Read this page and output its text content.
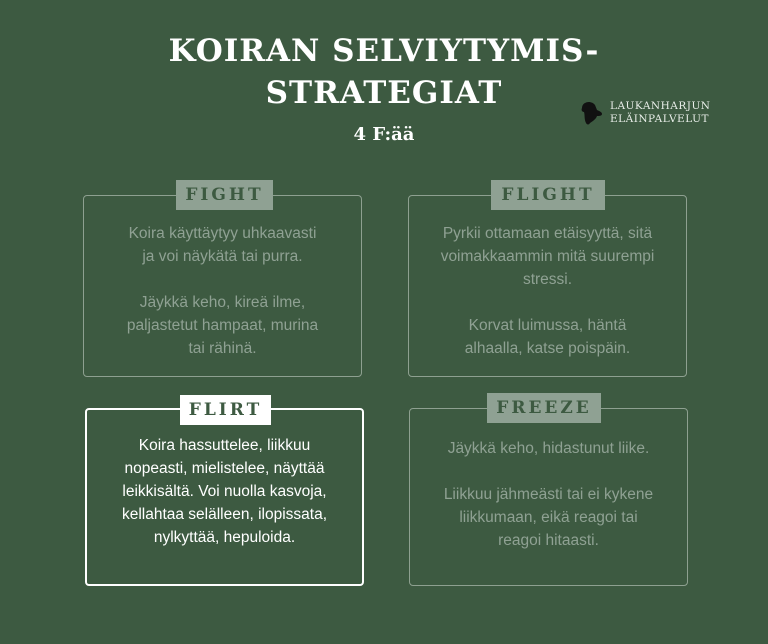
KOIRAN SELVIYTYMIS-
STRATEGIAT
4 F:ää
LAUKANHARJUN
ELÄINPALVELUT
Koira käyttäytyy uhkaavasti
ja voi näykätä tai purra.
Jäykkä keho, kireä ilme,
paljastetut hampaat, murina
tai rähinä.
FIGHT
Pyrkii ottamaan etäisyyttä, sitä
voimakkaammin mitä suurempi
stressi.
Korvat luimussa, häntä
alhaalla, katse poispäin.
FLIGHT
Koira hassuttelee, liikkuu
nopeasti, mielistelee, näyttää
leikkisältä. Voi nuolla kasvoja,
kellahtaa selälleen, ilopissata,
nylkyttää, hepuloida.
FLIRT
Jäykkä keho, hidastunut liike.
Liikkuu jähmeästi tai ei kykene
liikkumaan, eikä reagoi tai
reagoi hitaasti.
FREEZE
